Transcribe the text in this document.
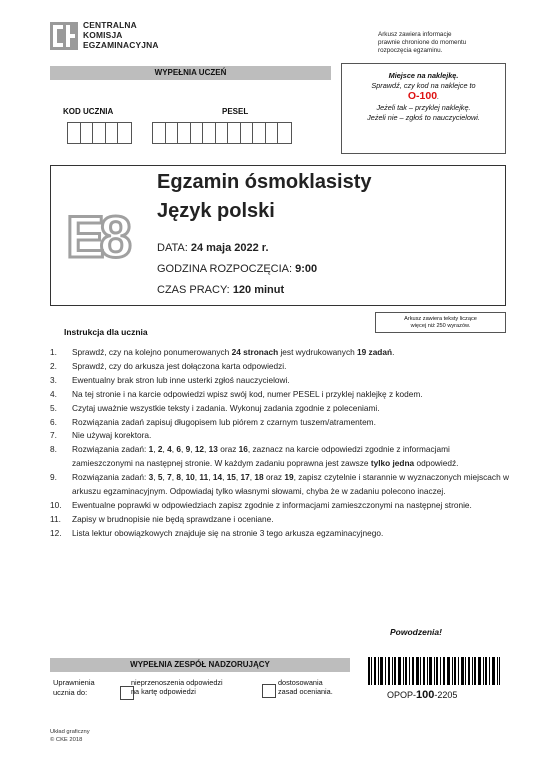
CENTRALNA
KOMISJA
EGZAMINACYJNA
Arkusz zawiera informacje
prawnie chronione do momentu
rozpoczęcia egzaminu.
WYPEŁNIA UCZEŃ
KOD UCZNIA	PESEL
Miejsce na naklejkę.
Sprawdź, czy kod na naklejce to
O-100.
Jeżeli tak – przyklej naklejkę.
Jeżeli nie – zgłoś to nauczycielowi.
E8
Egzamin ósmoklasisty
Język polski
DATA: 24 maja 2022 r.
GODZINA ROZPOCZĘCIA: 9:00
CZAS PRACY: 120 minut
Arkusz zawiera teksty liczące
więcej niż 250 wyrazów.
Instrukcja dla ucznia
1.	Sprawdź, czy na kolejno ponumerowanych 24 stronach jest wydrukowanych 19 zadań.
2.	Sprawdź, czy do arkusza jest dołączona karta odpowiedzi.
3.	Ewentualny brak stron lub inne usterki zgłoś nauczycielowi.
4.	Na tej stronie i na karcie odpowiedzi wpisz swój kod, numer PESEL i przyklej naklejkę z kodem.
5.	Czytaj uważnie wszystkie teksty i zadania. Wykonuj zadania zgodnie z poleceniami.
6.	Rozwiązania zadań zapisuj długopisem lub piórem z czarnym tuszem/atramentem.
7.	Nie używaj korektora.
8.	Rozwiązania zadań: 1, 2, 4, 6, 9, 12, 13 oraz 16, zaznacz na karcie odpowiedzi zgodnie z informacjami zamieszczonymi na następnej stronie. W każdym zadaniu poprawna jest zawsze tylko jedna odpowiedź.
9.	Rozwiązania zadań: 3, 5, 7, 8, 10, 11, 14, 15, 17, 18 oraz 19, zapisz czytelnie i starannie w wyznaczonych miejscach w arkuszu egzaminacyjnym. Odpowiadaj tylko własnymi słowami, chyba że w zadaniu polecono inaczej.
10.	Ewentualne poprawki w odpowiedziach zapisz zgodnie z informacjami zamieszczonymi na następnej stronie.
11.	Zapisy w brudnopisie nie będą sprawdzane i oceniane.
12.	Lista lektur obowiązkowych znajduje się na stronie 3 tego arkusza egzaminacyjnego.
Powodzenia!
WYPEŁNIA ZESPÓŁ NADZORUJĄCY
Uprawnienia
ucznia do:
nieprzenoszenia odpowiedzi
na kartę odpowiedzi
dostosowania
zasad oceniania.	OPOP-100-2205
Układ graficzny
© CKE 2018
